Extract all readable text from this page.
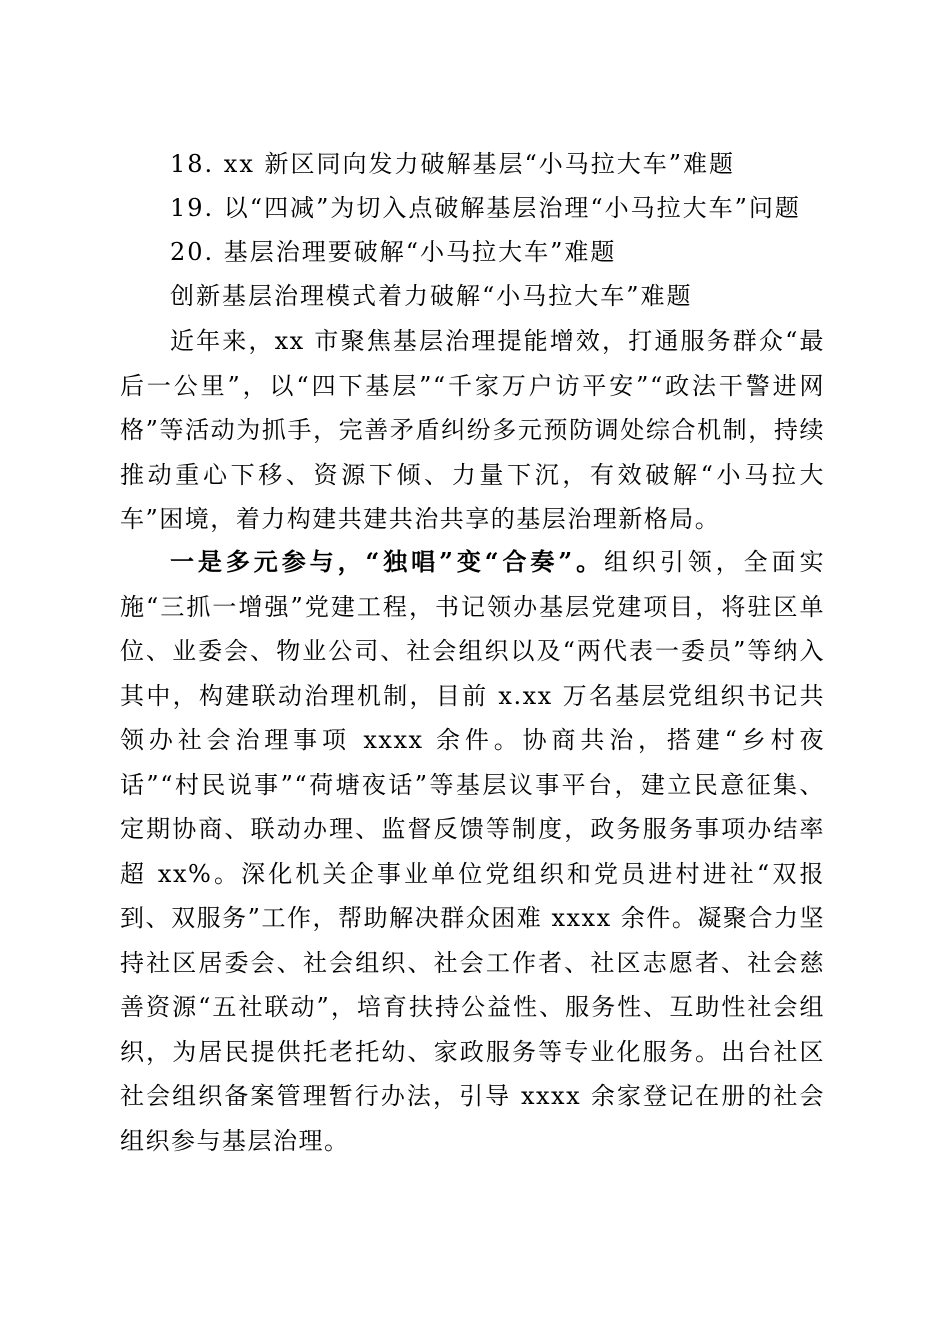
18. xx 新区同向发力破解基层“小马拉大车”难题
19. 以“四减”为切入点破解基层治理“小马拉大车”问题
20. 基层治理要破解“小马拉大车”难题
创新基层治理模式着力破解“小马拉大车”难题

近年来，xx 市聚焦基层治理提能增效，打通服务群众“最后一公里”，以“四下基层”“千家万户访平安”“政法干警进网格”等活动为抓手，完善矛盾纠纷多元预防调处综合机制，持续推动重心下移、资源下倾、力量下沉，有效破解“小马拉大车”困境，着力构建共建共治共享的基层治理新格局。

一是多元参与，“独唱”变“合奏”。组织引领，全面实施“三抓一增强”党建工程，书记领办基层党建项目，将驻区单位、业委会、物业公司、社会组织以及“两代表一委员”等纳入其中，构建联动治理机制，目前 x.xx 万名基层党组织书记共领办社会治理事项 xxxx 余件。协商共治，搭建“乡村夜话”“村民说事”“荷塘夜话”等基层议事平台，建立民意征集、定期协商、联动办理、监督反馈等制度，政务服务事项办结率超 xx%。深化机关企事业单位党组织和党员进村进社“双报到、双服务”工作，帮助解决群众困难 xxxx 余件。凝聚合力坚持社区居委会、社会组织、社会工作者、社区志愿者、社会慈善资源“五社联动”，培育扶持公益性、服务性、互助性社会组织，为居民提供托老托幼、家政服务等专业化服务。出台社区社会组织备案管理暂行办法，引导 xxxx 余家登记在册的社会组织参与基层治理。
